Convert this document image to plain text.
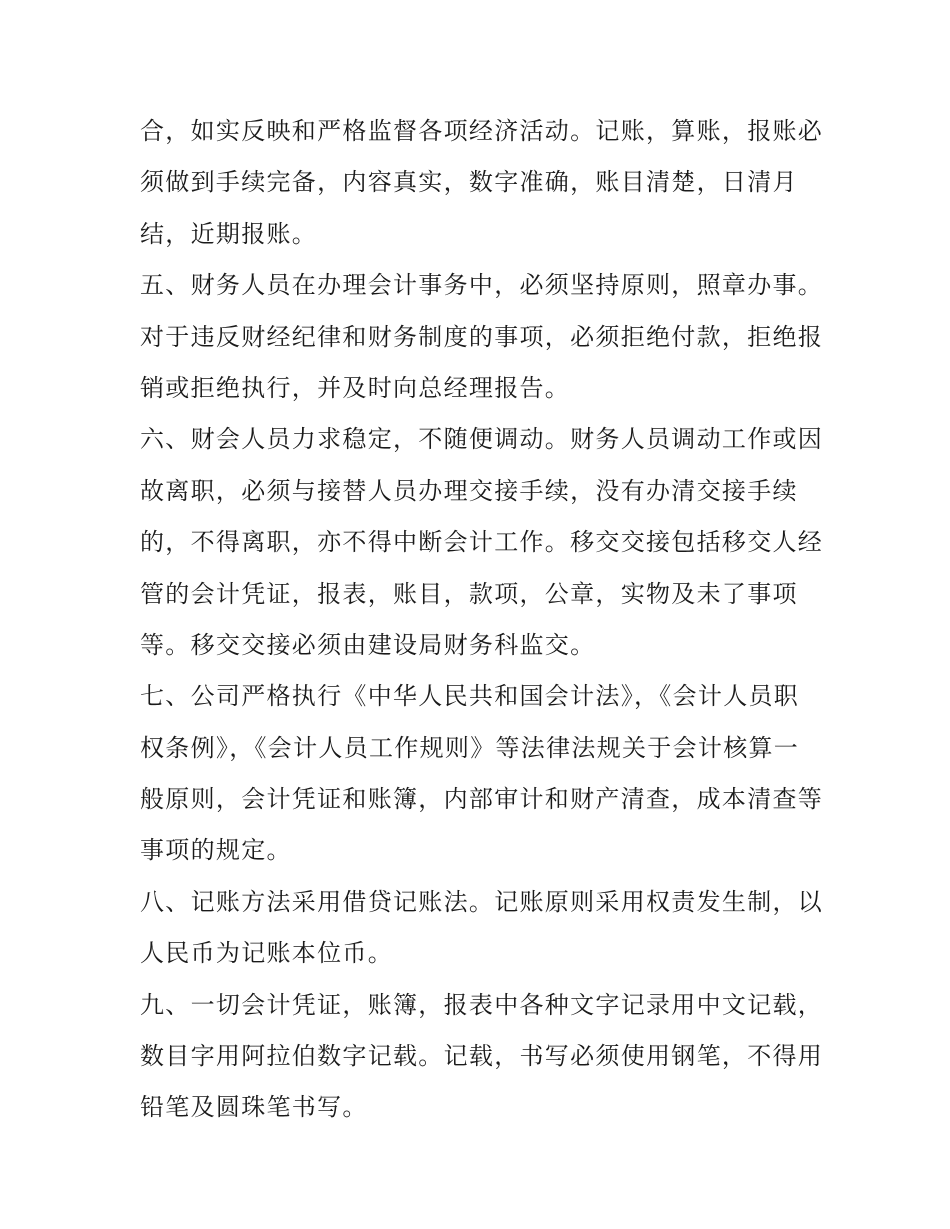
合，如实反映和严格监督各项经济活动。记账，算账，报账必
须做到手续完备，内容真实，数字准确，账目清楚，日清月
结，近期报账。
五、财务人员在办理会计事务中，必须坚持原则，照章办事。
对于违反财经纪律和财务制度的事项，必须拒绝付款，拒绝报
销或拒绝执行，并及时向总经理报告。
六、财会人员力求稳定，不随便调动。财务人员调动工作或因
故离职，必须与接替人员办理交接手续，没有办清交接手续
的，不得离职，亦不得中断会计工作。移交交接包括移交人经
管的会计凭证，报表，账目，款项，公章，实物及未了事项
等。移交交接必须由建设局财务科监交。
七、公司严格执行《中华人民共和国会计法》，《会计人员职
权条例》，《会计人员工作规则》等法律法规关于会计核算一
般原则，会计凭证和账簿，内部审计和财产清查，成本清查等
事项的规定。
八、记账方法采用借贷记账法。记账原则采用权责发生制，以
人民币为记账本位币。
九、一切会计凭证，账簿，报表中各种文字记录用中文记载，
数目字用阿拉伯数字记载。记载，书写必须使用钢笔，不得用
铅笔及圆珠笔书写。
